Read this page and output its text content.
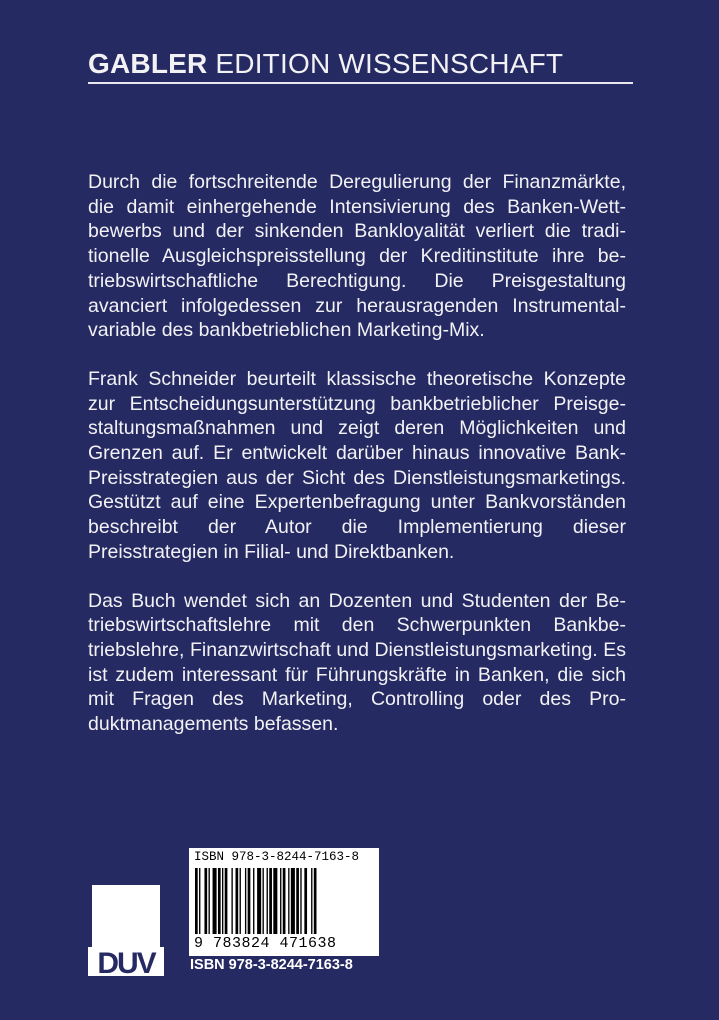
GABLER EDITION WISSENSCHAFT

Durch die fortschreitende Deregulierung der Finanzmärkte, die damit einhergehende Intensivierung des Banken-Wettbewerbs und der sinkenden Bankloyalität verliert die traditionelle Ausgleichspreisstellung der Kreditinstitute ihre betriebswirtschaftliche Berechtigung. Die Preisgestaltung avanciert infolgedessen zur herausragenden Instrumentalvariable des bankbetrieblichen Marketing-Mix.

Frank Schneider beurteilt klassische theoretische Konzepte zur Entscheidungsunterstützung bankbetrieblicher Preisgestaltungsmaßnahmen und zeigt deren Möglichkeiten und Grenzen auf. Er entwickelt darüber hinaus innovative Bank-Preisstrategien aus der Sicht des Dienstleistungsmarketings. Gestützt auf eine Expertenbefragung unter Bankvorständen beschreibt der Autor die Implementierung dieser Preisstrategien in Filial- und Direktbanken.

Das Buch wendet sich an Dozenten und Studenten der Betriebswirtschaftslehre mit den Schwerpunkten Bankbetriebslehre, Finanzwirtschaft und Dienstleistungsmarketing. Es ist zudem interessant für Führungskräfte in Banken, die sich mit Fragen des Marketing, Controlling oder des Produktmanagements befassen.

DUV
ISBN 978-3-8244-7163-8
9 783824 471638
ISBN 978-3-8244-7163-8
